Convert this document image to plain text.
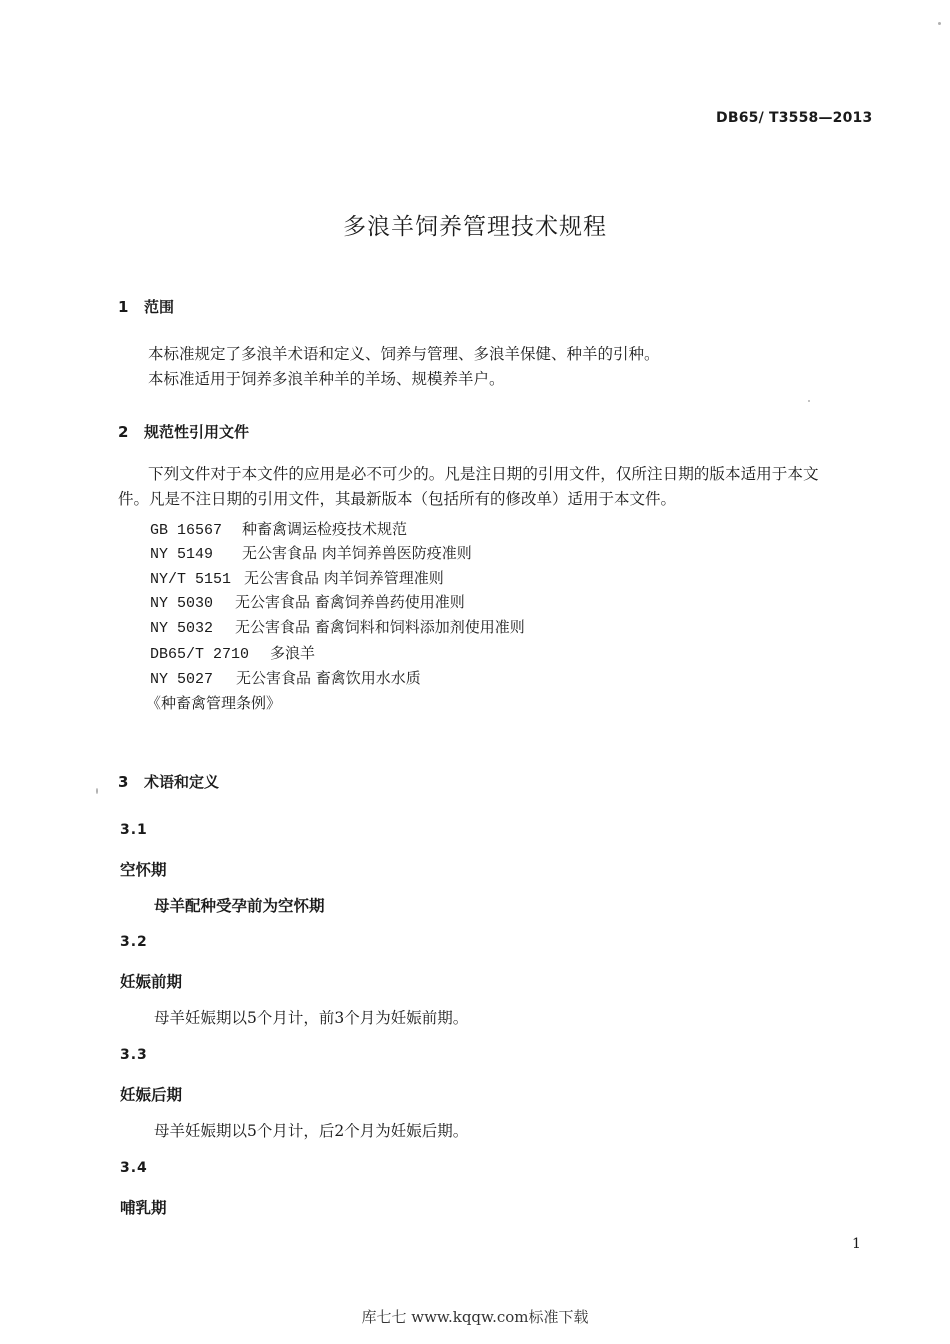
DB65/ T3558—2013
多浪羊饲养管理技术规程
1 范围
本标准规定了多浪羊术语和定义、饲养与管理、多浪羊保健、种羊的引种。
本标准适用于饲养多浪羊种羊的羊场、规模养羊户。
2 规范性引用文件
下列文件对于本文件的应用是必不可少的。凡是注日期的引用文件，仅所注日期的版本适用于本文
件。凡是不注日期的引用文件，其最新版本（包括所有的修改单）适用于本文件。
GB 16567 种畜禽调运检疫技术规范
NY 5149 无公害食品 肉羊饲养兽医防疫准则
NY/T 5151 无公害食品 肉羊饲养管理准则
NY 5030 无公害食品 畜禽饲养兽药使用准则
NY 5032 无公害食品 畜禽饲料和饲料添加剂使用准则
DB65/T 2710 多浪羊
NY 5027 无公害食品 畜禽饮用水水质
《种畜禽管理条例》
3 术语和定义
3.1
空怀期
母羊配种受孕前为空怀期
3.2
妊娠前期
母羊妊娠期以5个月计，前3个月为妊娠前期。
3.3
妊娠后期
母羊妊娠期以5个月计，后2个月为妊娠后期。
3.4
哺乳期
1
库七七 www.kqqw.com标准下载
